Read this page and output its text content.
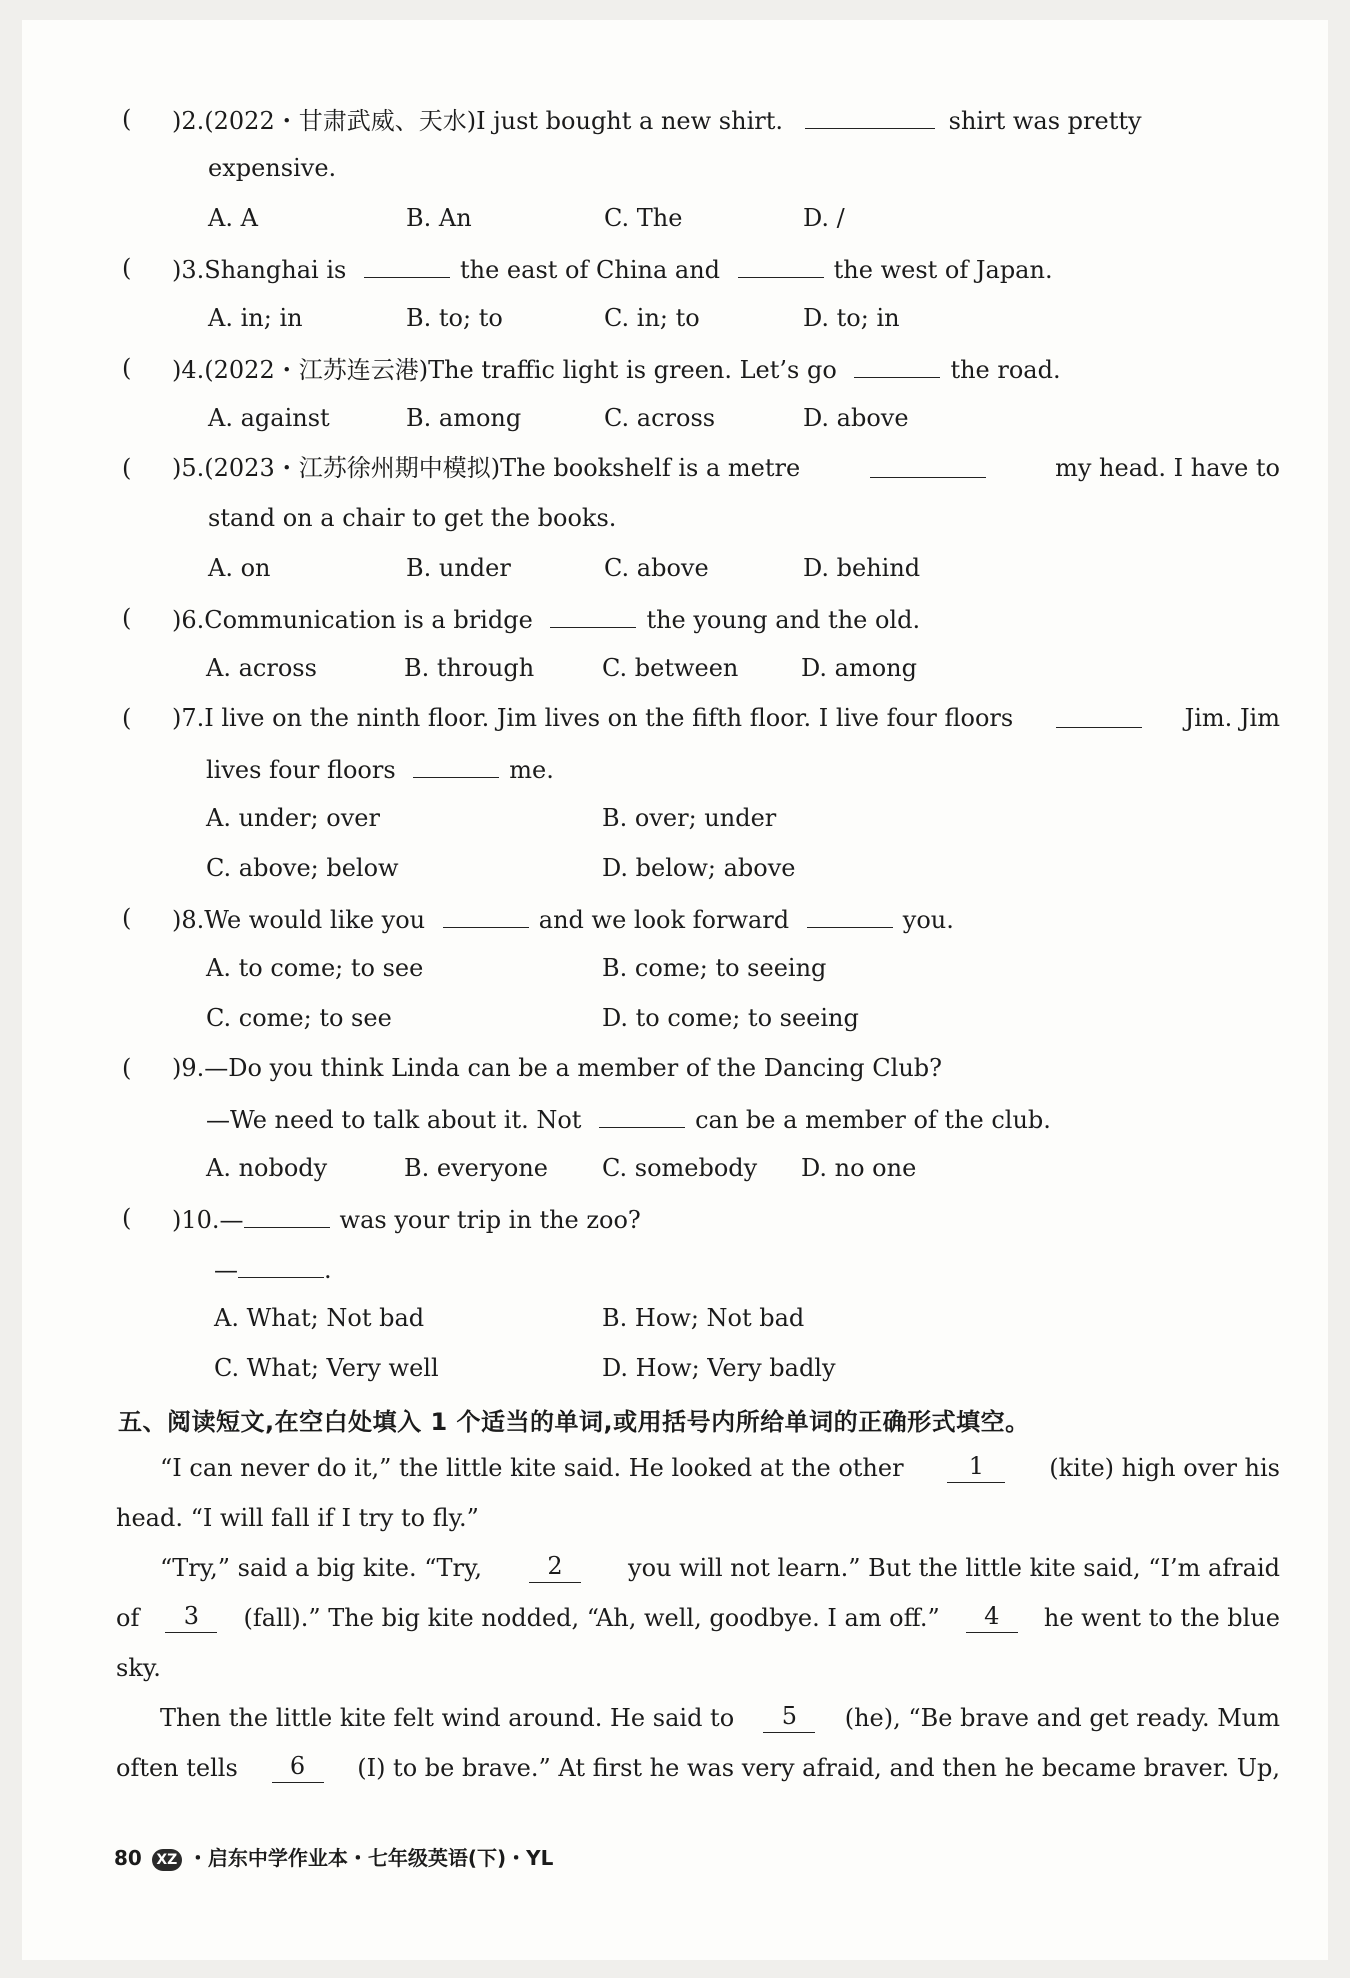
( )2.(2022・甘肃武威、天水)I just bought a new shirt.	shirt was pretty
expensive.
A. A	B. An	C. The	D. /
( )3.Shanghai is	the east of China and	the west of Japan.
A. in; in	B. to; to	C. in; to	D. to; in
( )4.(2022・江苏连云港)The traffic light is green. Let’s go	the road.
A. against	B. among	C. across	D. above
( )5.(2023・江苏徐州期中模拟)The bookshelf is a metre	my head. I have to
stand on a chair to get the books.
A. on	B. under	C. above	D. behind
( )6.Communication is a bridge	the young and the old.
A. across	B. through	C. between	D. among
( )7.I live on the ninth floor. Jim lives on the fifth floor. I live four floors	Jim. Jim
lives four floors	me.
A. under; over	B. over; under
C. above; below	D. below; above
( )8.We would like you	and we look forward	you.
A. to come; to see	B. come; to seeing
C. come; to see	D. to come; to seeing
( )9.—Do you think Linda can be a member of the Dancing Club?
—We need to talk about it. Not	can be a member of the club.
A. nobody	B. everyone C. somebody D. no one
( )10.—	was your trip in the zoo?
—	.
A. What; Not bad	B. How; Not bad
C. What; Very well	D. How; Very badly
五、阅读短文,在空白处填入 1 个适当的单词,或用括号内所给单词的正确形式填空。
“I can never do it,” the little kite said. He looked at the other	1	(kite) high over his
head. “I will fall if I try to fly.”
“Try,” said a big kite. “Try,	2	you will not learn.” But the little kite said, “I’m afraid
of	3	(fall).” The big kite nodded, “Ah, well, goodbye. I am off.”	4	he went to the blue
sky.
Then the little kite felt wind around. He said to	5	(he), “Be brave and get ready. Mum
often tells	6	(I) to be brave.” At first he was very afraid, and then he became braver. Up,
80 XZ ・启东中学作业本・七年级英语(下)・YL
